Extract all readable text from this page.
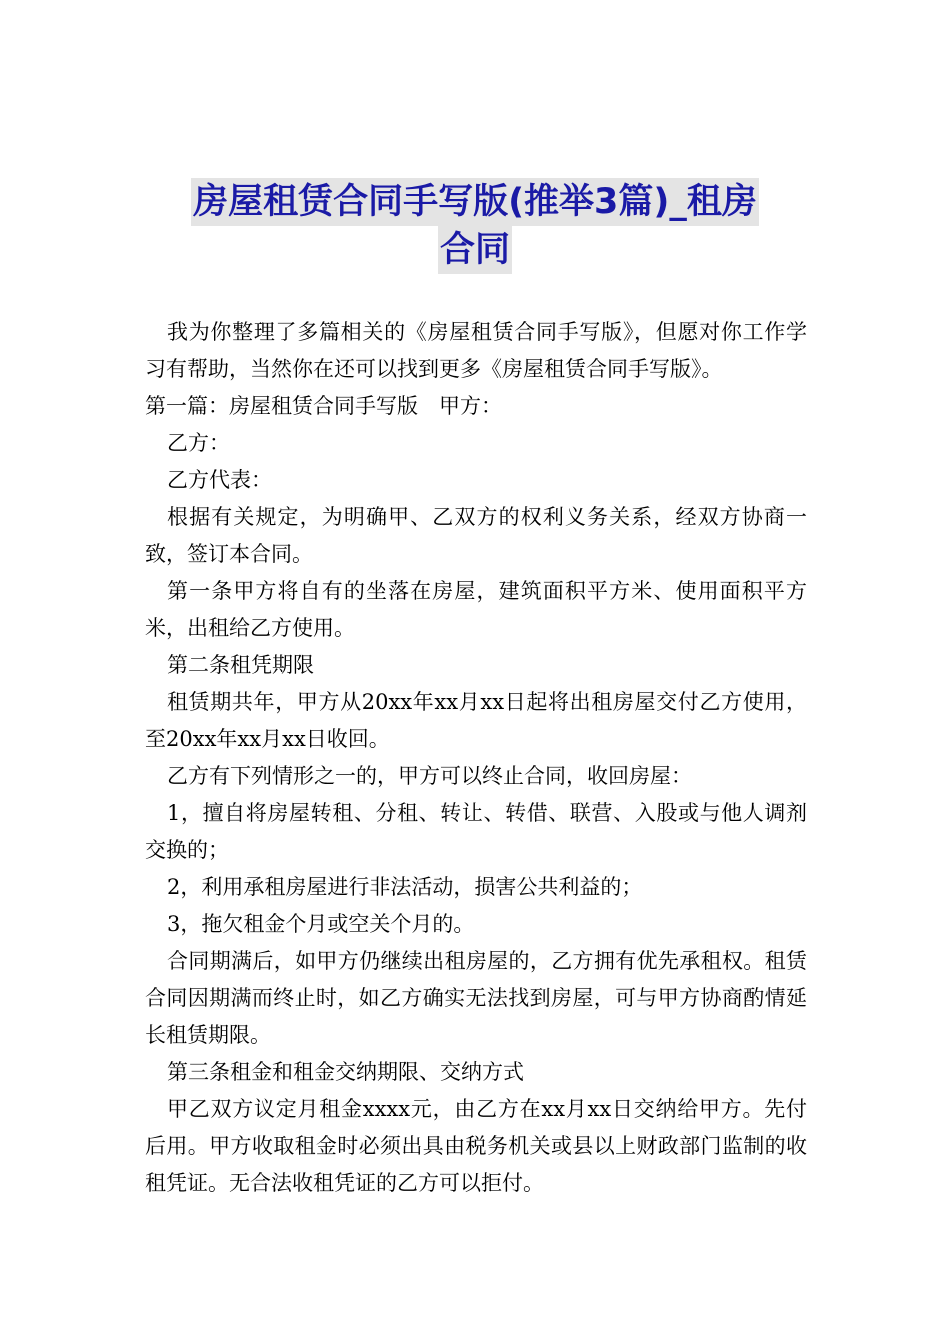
房屋租赁合同手写版(推举3篇)_租房
合同

我为你整理了多篇相关的《房屋租赁合同手写版》，但愿对你工作学习有帮助，当然你在还可以找到更多《房屋租赁合同手写版》。

第一篇：房屋租赁合同手写版　甲方：

乙方：

乙方代表：

根据有关规定，为明确甲、乙双方的权利义务关系，经双方协商一致，签订本合同。

第一条甲方将自有的坐落在房屋，建筑面积平方米、使用面积平方米，出租给乙方使用。

第二条租凭期限

租赁期共年，甲方从20xx年xx月xx日起将出租房屋交付乙方使用，至20xx年xx月xx日收回。

乙方有下列情形之一的，甲方可以终止合同，收回房屋：

1，擅自将房屋转租、分租、转让、转借、联营、入股或与他人调剂交换的；

2，利用承租房屋进行非法活动，损害公共利益的；

3，拖欠租金个月或空关个月的。

合同期满后，如甲方仍继续出租房屋的，乙方拥有优先承租权。租赁合同因期满而终止时，如乙方确实无法找到房屋，可与甲方协商酌情延长租赁期限。

第三条租金和租金交纳期限、交纳方式

甲乙双方议定月租金xxxx元，由乙方在xx月xx日交纳给甲方。先付后用。甲方收取租金时必须出具由税务机关或县以上财政部门监制的收租凭证。无合法收租凭证的乙方可以拒付。
